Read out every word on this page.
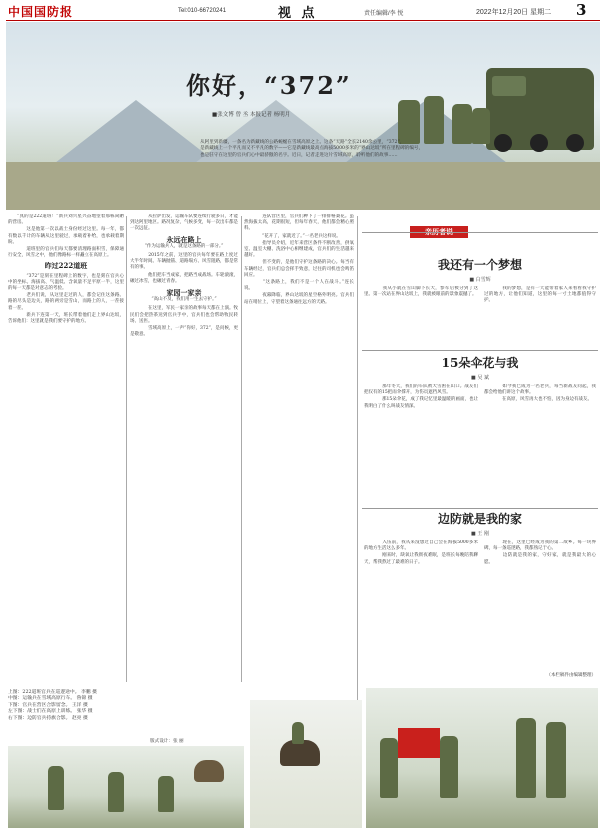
中国国防报	Tel:010-66720241	视 点	责任编辑/李 悦	2022年12月20日 星期二 3
你好，“372”
■张文博 曾 丞 本报记者 杨明月
从阿里到新疆，一条名为新藏线的公路蜿蜒在雪域高原之上。这条“天路”全长2140余公里，“372”，
是新藏线上一个平凡而又不平凡的数字——它是新藏线最高点海拔5000多米的“界山达坂”所在里程碑的编号，
也是驻守在这里的官兵们心中最骄傲的名字。近日，记者走进这片雪域高原，聆听他们的故事……

“真的是222道班！”新兵刘兴星兴奋地望着那栋简陋的营房。

　　这是他第一次以战士身份经过这里。每一年，都有数以千计的车辆从这里驶过，承载着补给，也承载着期盼。

　　道班里的官兵们每天都要清理路面积雪，保障通行安全，风雪之中，他们像路标一样矗立在高原上。

昨过222道班

　　“372”是刻在里程碑上的数字，也是刻在官兵心中的坐标。海拔高、气温低、含氧量不足平原一半，这里的每一天都是对意志的考验。

　　老兵们说，从这里走过的人，都会记住这条路。路的尽头是边关，路的两旁是雪山，而路上的人，一茬接着一茬。

　　新兵下连第一天，班长带着他们走上界山达坂，告诉他们：这里就是我们要守护的地方。

　　从拉萨出发，运输车队要连续行驶多日，才能到达阿里地区。路况复杂，气候多变，每一次出车都是一次远征。

永远在路上
“作为运输兵人，就是这条路的一部分。”

　　2015年之前，这里的官兵每年要在路上度过大半年时间。车辆抛锚、道路塌方、风雪阻路，都是常有的事。

　　他们把车当成家，把路当成战场。车轮滚滚，碾过冰雪，也碾过青春。

家园一家亲
“高山不及，我们用一生去守护。”

　　在这里，军民一家亲的故事每天都在上演。牧民们会把热茶送到官兵手中，官兵们也会帮助牧民转场、送医。

　　雪域高原上，一声“你好，372”，是问候，更是敬意。

　　连队营区里，官兵们种下了一排排格桑花。虽然海拔太高，花期很短，但每年春天，他们都会精心照料。

　　“花开了，家就近了。”一名老兵这样说。

　　指导员介绍，近年来营区条件不断改善，供氧室、温室大棚、洗浴中心相继建成，官兵们的生活越来越好。

　　但不变的，是他们守护这条路的决心。每当有车辆经过，官兵们总会挥手致意，过往的司机也会鸣笛回应。

　　“这条路上，我们不是一个人在战斗。”连长说。

　　夜幕降临，界山达坂的星空格外明亮。官兵们站在哨位上，守望着这条通往远方的天路。

亲历者说
我还有一个梦想
■ 白雪辉

　　我从小就在雪山脚下长大，参军后被分到了这里。第一次站在界山达坂上，我就被眼前的景象震撼了。

　　我的梦想，是有一天能带着家人来看看我守护过的地方，让他们知道，这里的每一寸土地都值得守护。

15朵伞花与我
■ 吴 斌

　　那年冬天，我们的车队被大雪困在山口。战友们把仅有的15把雨伞撑开，为伤员遮挡风雪。

　　那15朵伞花，成了我记忆里最温暖的画面，也让我明白了什么叫战友情深。

　　如今我已成为一名老兵，每当新战友问起，我都会给他们讲这个故事。

　　在高原，风雪再大也不怕，因为身边有战友。

边防就是我的家
■ 王 刚

　　入伍前，我从来没想过自己会在海拔5000多米的地方生活这么多年。

　　刚来时，缺氧让我彻夜难眠，是班长每晚陪我聊天，帮我熬过了最难的日子。

　　现在，这里已经成为我的第二故乡。每一块界碑，每一条巡逻路，我都熟记于心。

　　边防就是我的家，守好家，就是我最大的心愿。

（本栏稿件由编辑整理）
上图：222道班官兵在巡逻途中。 李鹏 摄
中图：运输兵在雪域高原行车。 鲁锦 摄
下图：官兵在营区合影留念。 王洋 摄
左下图：战士们在高原上训练。 张华 摄
右下图：边防官兵持旗合影。 赵亮 摄
版式设计：张 丽
